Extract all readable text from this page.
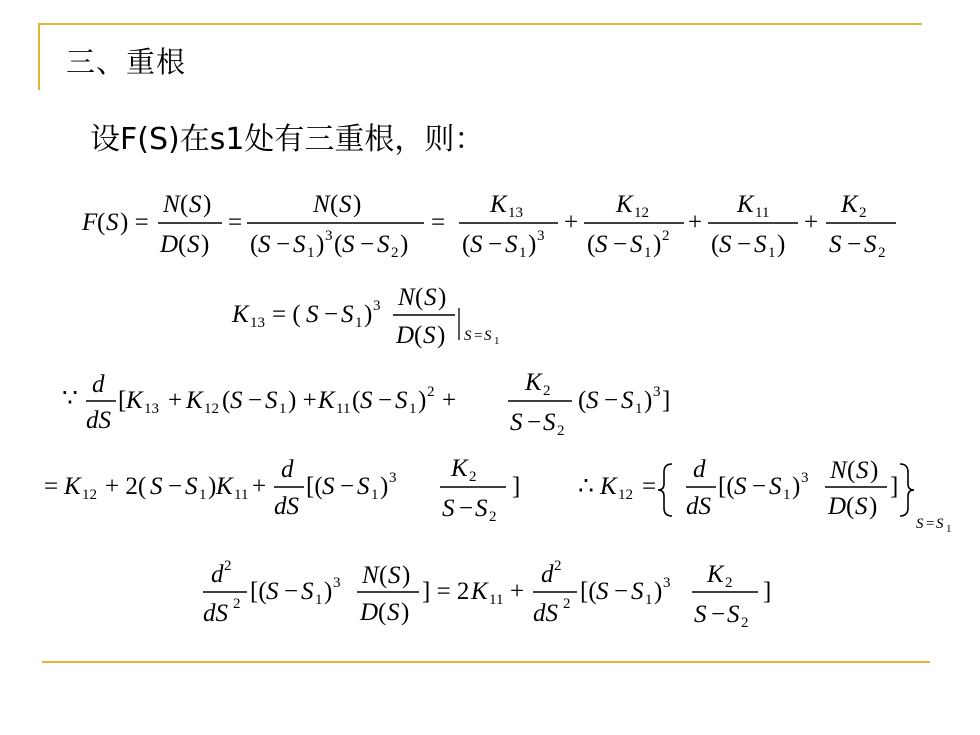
三、重根
设F(S)在s1处有三重根，则：
F ( S ) =
N ( S )
D ( S )
=
N ( S )
( S − S 1 ) 3 ( S − S 2 )
=
K 13
( S − S 1 ) 3 +
K 12
( S − S 1 ) 2 +
K 11
( S − S 1 )
+
K 2
S − S 2
K 13 = ( S − S 1 ) 3 N ( S )
D ( S ) S = S 1
∵
d
dS
[ K 13 + K 12 ( S − S 1 ) + K 11 ( S − S 1 ) 2 +
K 2
S − S 2
( S − S 1 ) 3 ]
= K 12 + 2( S − S 1 ) K 11 +
d
dS
[( S − S 1 ) 3 K 2
S − S 2
] ∴ K 12 =
d
dS
[( S − S 1 ) 3 N ( S )
D ( S )
]
S = S 1
d 2
dS 2 [( S − S 1 ) 3 N ( S )
D ( S )
] = 2 K 11 +
d 2
dS 2 [( S − S 1 ) 3 K 2
S − S 2
]
